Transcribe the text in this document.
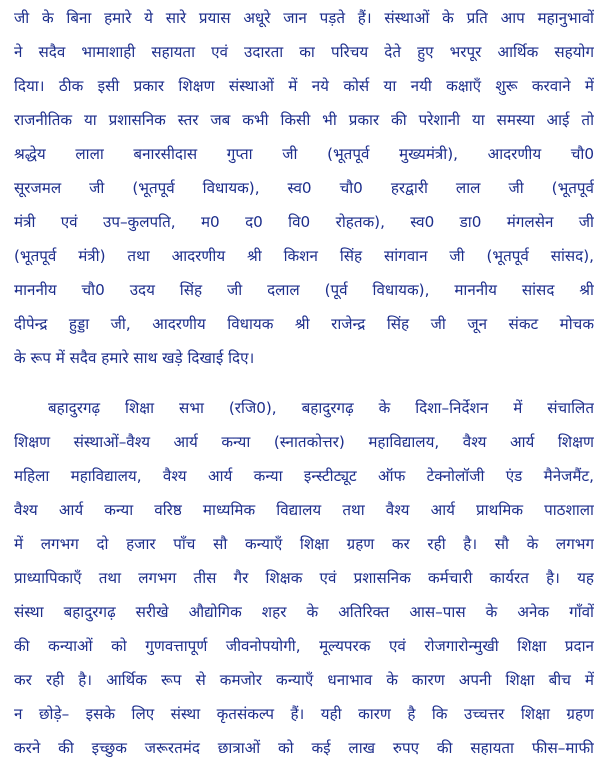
जी के बिना हमारे ये सारे प्रयास अधूरे जान पड़ते हैं। संस्थाओं के प्रति आप महानुभावों
ने सदैव भामाशाही सहायता एवं उदारता का परिचय देते हुए भरपूर आर्थिक सहयोग
दिया। ठीक इसी प्रकार शिक्षण संस्थाओं में नये कोर्स या नयी कक्षाएँ शुरू करवाने में
राजनीतिक या प्रशासनिक स्तर जब कभी किसी भी प्रकार की परेशानी या समस्या आई तो
श्रद्धेय लाला बनारसीदास गुप्ता जी (भूतपूर्व मुख्यमंत्री), आदरणीय चौ0
सूरजमल जी (भूतपूर्व विधायक), स्व0 चौ0 हरद्वारी लाल जी (भूतपूर्व
मंत्री एवं उप–कुलपति, म0 द0 वि0 रोहतक), स्व0 डा0 मंगलसेन जी
(भूतपूर्व मंत्री) तथा आदरणीय श्री किशन सिंह सांगवान जी (भूतपूर्व सांसद),
माननीय चौ0 उदय सिंह जी दलाल (पूर्व विधायक), माननीय सांसद श्री
दीपेन्द्र हुड्डा जी, आदरणीय विधायक श्री राजेन्द्र सिंह जी जून संकट मोचक
के रूप में सदैव हमारे साथ खड़े दिखाई दिए।
बहादुरगढ़ शिक्षा सभा (रजि0), बहादुरगढ़ के दिशा–निर्देशन में संचालित
शिक्षण संस्थाओं–वैश्य आर्य कन्या (स्नातकोत्तर) महाविद्यालय, वैश्य आर्य शिक्षण
महिला महाविद्यालय, वैश्य आर्य कन्या इन्स्टीट्यूट ऑफ टेक्नोलॉजी एंड मैनेजमैंट,
वैश्य आर्य कन्या वरिष्ठ माध्यमिक विद्यालय तथा वैश्य आर्य प्राथमिक पाठशाला
में लगभग दो हजार पाँच सौ कन्याएँ शिक्षा ग्रहण कर रही है। सौ के लगभग
प्राध्यापिकाएँ तथा लगभग तीस गैर शिक्षक एवं प्रशासनिक कर्मचारी कार्यरत है। यह
संस्था बहादुरगढ़ सरीखे औद्योगिक शहर के अतिरिक्त आस–पास के अनेक गाँवों
की कन्याओं को गुणवत्तापूर्ण जीवनोपयोगी, मूल्यपरक एवं रोजगारोन्मुखी शिक्षा प्रदान
कर रही है। आर्थिक रूप से कमजोर कन्याएँ धनाभाव के कारण अपनी शिक्षा बीच में
न छोड़े– इसके लिए संस्था कृतसंकल्प हैं। यही कारण है कि उच्चत्तर शिक्षा ग्रहण
करने की इच्छुक जरूरतमंद छात्राओं को कई लाख रुपए की सहायता फीस–माफी
